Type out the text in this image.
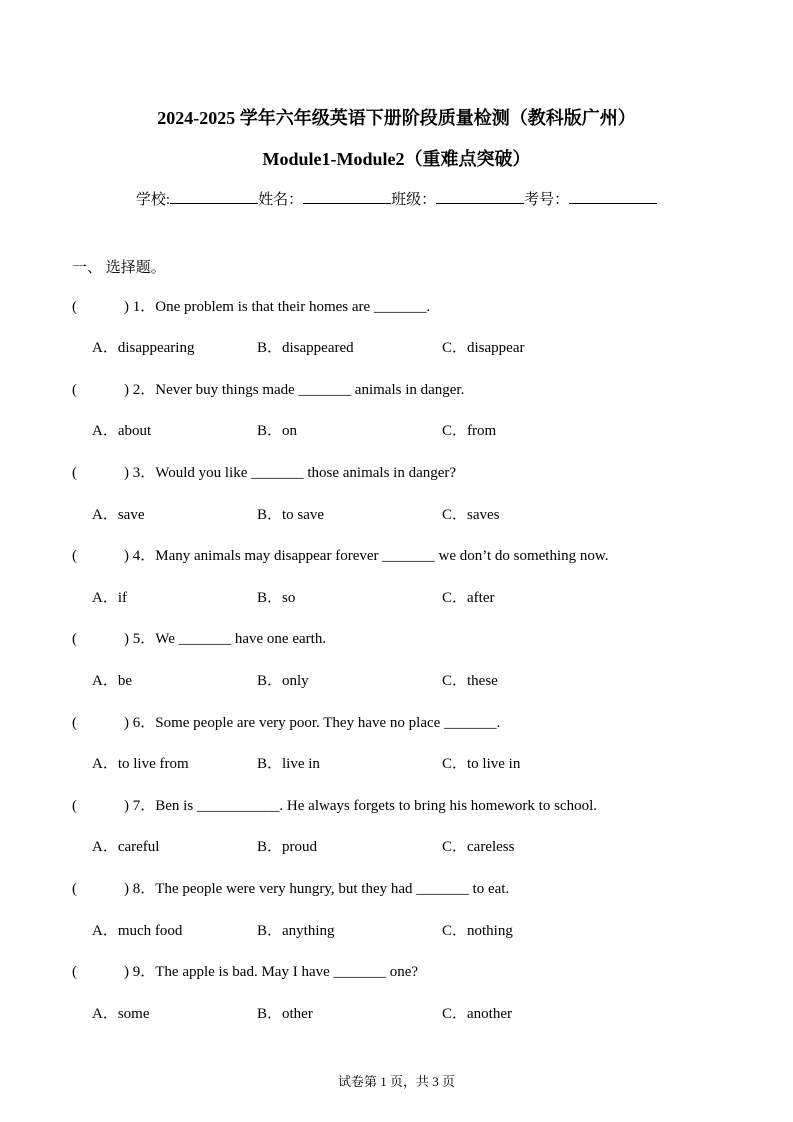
2024-2025 学年六年级英语下册阶段质量检测（教科版广州）
Module1-Module2（重难点突破）
学校:	姓名：	班级：	考号：
一、 选择题。
(	) 1．One problem is that their homes are _______.
A．disappearing	B．disappeared	C．disappear
(	) 2．Never buy things made _______ animals in danger.
A．about	B．on	C．from
(	) 3．Would you like _______ those animals in danger?
A．save	B．to save	C．saves
(	) 4．Many animals may disappear forever _______ we don’t do something now.
A．if	B．so	C．after
(	) 5．We _______ have one earth.
A．be	B．only	C．these
(	) 6．Some people are very poor. They have no place _______.
A．to live from	B．live in	C．to live in
(	) 7．Ben is ___________. He always forgets to bring his homework to school.
A．careful	B．proud	C．careless
(	) 8．The people were very hungry, but they had _______ to eat.
A．much food	B．anything	C．nothing
(	) 9．The apple is bad. May I have _______ one?
A．some	B．other	C．another
试卷第 1 页，共 3 页
